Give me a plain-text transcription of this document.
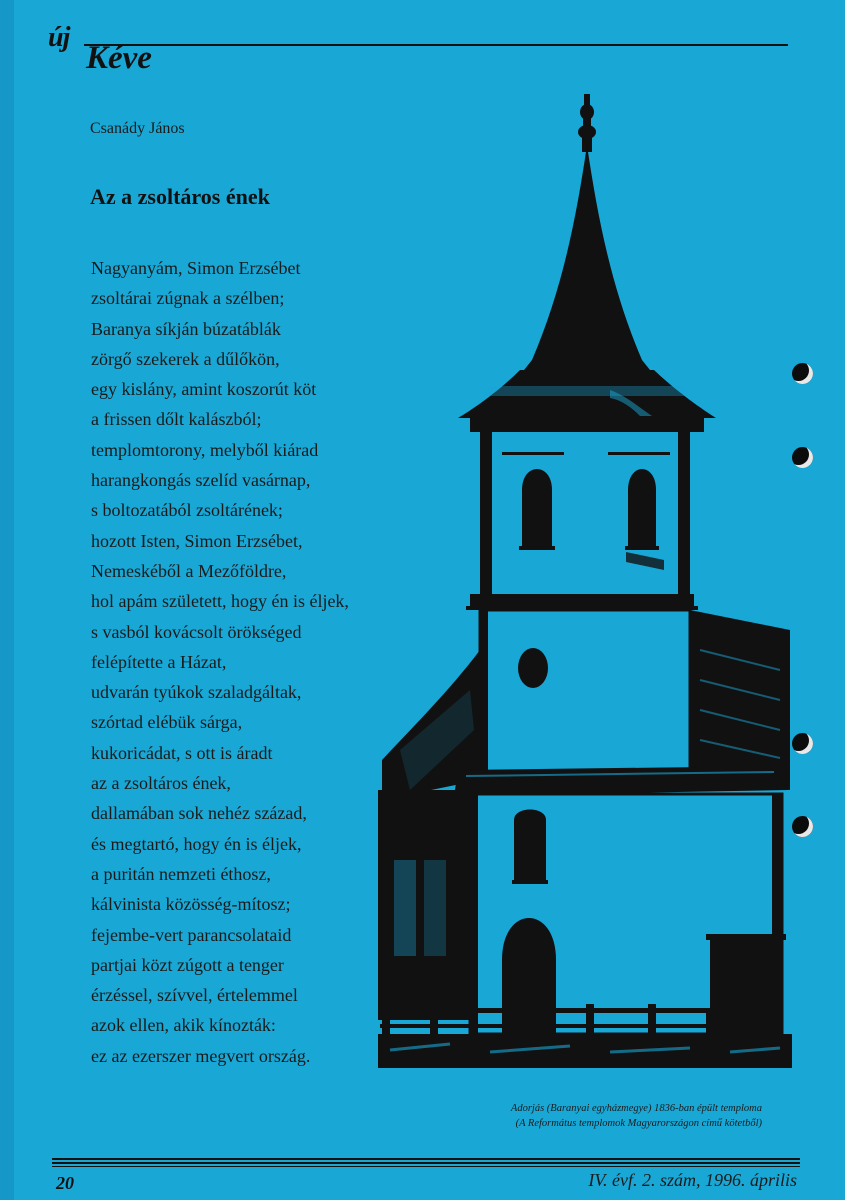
új
Kéve
Csanády János
Az a zsoltáros ének
Nagyanyám, Simon Erzsébet
zsoltárai zúgnak a szélben;
Baranya síkján búzatáblák
zörgő szekerek a dűlőkön,
egy kislány, amint koszorút köt
a frissen dőlt kalászból;
templomtorony, melyből kiárad
harangkongás szelíd vasárnap,
s boltozatából zsoltárének;
hozott Isten, Simon Erzsébet,
Nemeskéből a Mezőföldre,
hol apám született, hogy én is éljek,
s vasból kovácsolt örökséged
felépítette a Házat,
udvarán tyúkok szaladgáltak,
szórtad elébük sárga,
kukoricádat, s ott is áradt
az a zsoltáros ének,
dallamában sok nehéz század,
és megtartó, hogy én is éljek,
a puritán nemzeti éthosz,
kálvinista közösség-mítosz;
fejembe-vert parancsolataid
partjai közt zúgott a tenger
érzéssel, szívvel, értelemmel
azok ellen, akik kínozták:
ez az ezerszer megvert ország.
Adorjás (Baranyai egyházmegye) 1836-ban épült temploma
(A Református templomok Magyarországon című kötetből)
20	IV. évf. 2. szám, 1996. április
